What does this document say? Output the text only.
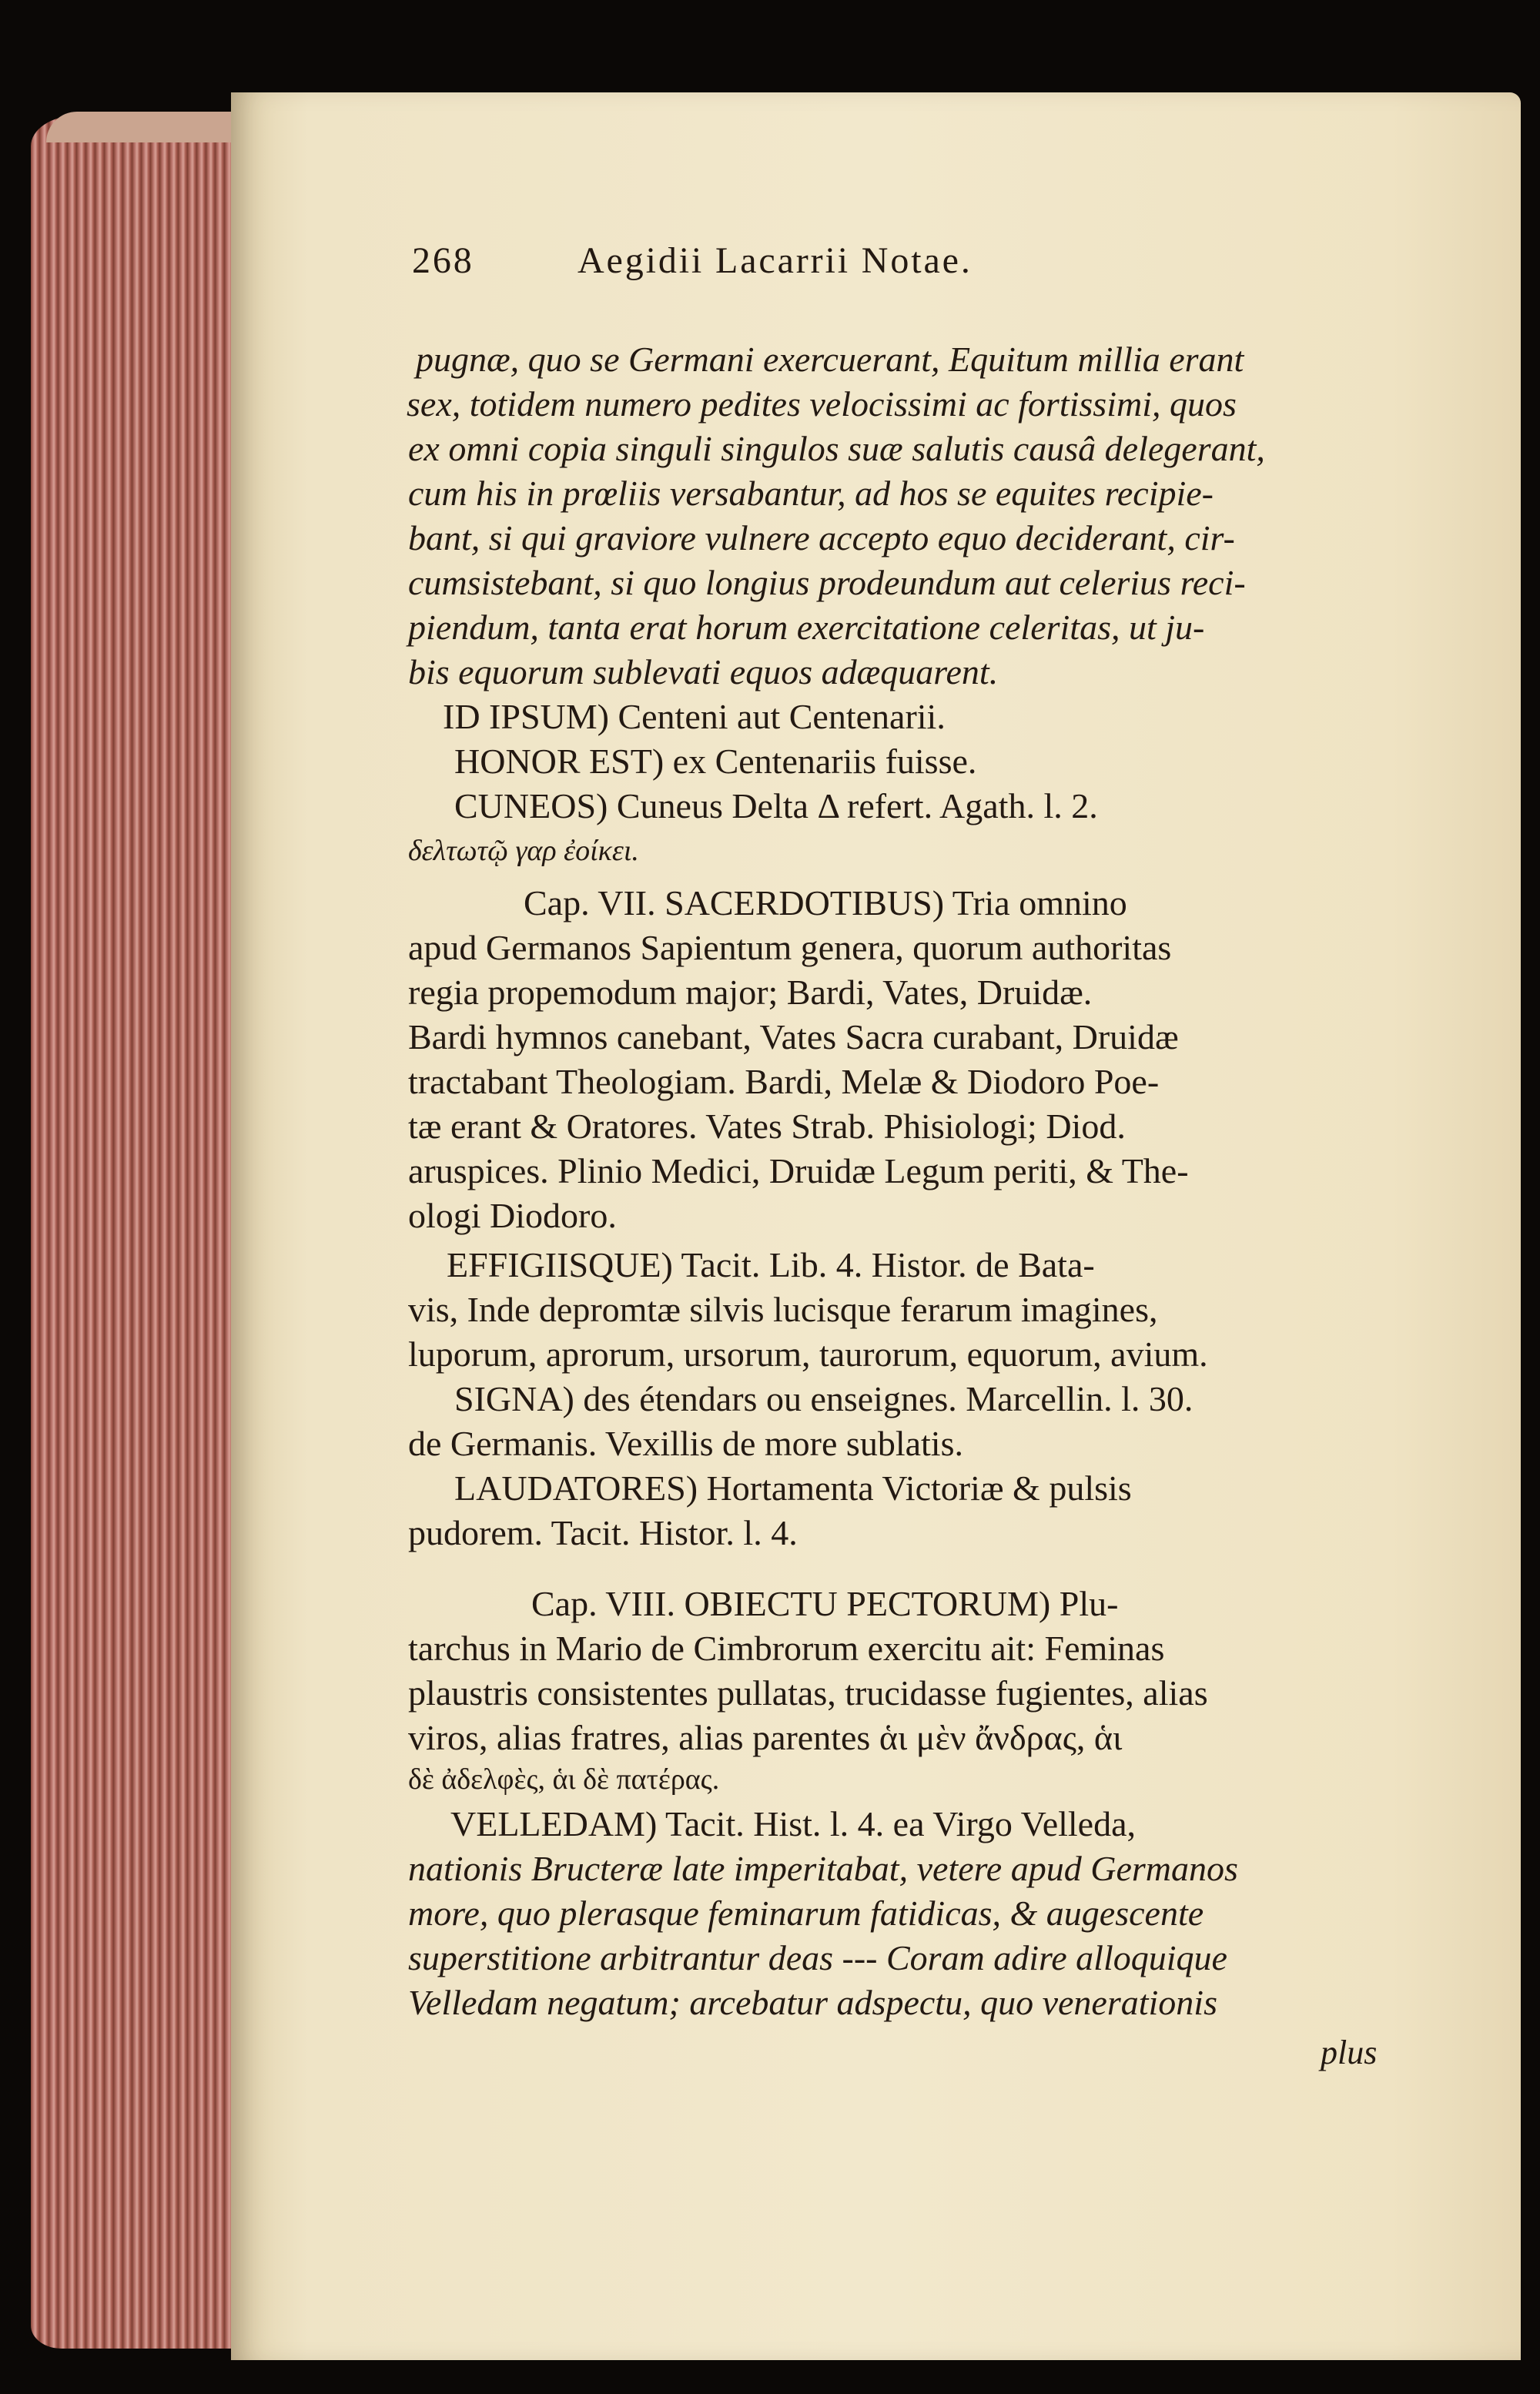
268	Aegidii Lacarrii Notae.
pugnæ, quo se Germani exercuerant, Equitum millia erant
sex, totidem numero pedites velocissimi ac fortissimi, quos
ex omni copia singuli singulos suæ salutis causâ delegerant,
cum his in prœliis versabantur, ad hos se equites recipie-
bant, si qui graviore vulnere accepto equo deciderant, cir-
cumsistebant, si quo longius prodeundum aut celerius reci-
piendum, tanta erat horum exercitatione celeritas, ut ju-
bis equorum sublevati equos adæquarent.
ID IPSUM) Centeni aut Centenarii.
HONOR EST) ex Centenariis fuisse.
CUNEOS) Cuneus Delta Δ refert. Agath. l. 2.
δελτωτῷ γαρ ἐοίκει.
Cap. VII. SACERDOTIBUS) Tria omnino
apud Germanos Sapientum genera, quorum authoritas
regia propemodum major; Bardi, Vates, Druidæ.
Bardi hymnos canebant, Vates Sacra curabant, Druidæ
tractabant Theologiam. Bardi, Melæ & Diodoro Poe-
tæ erant & Oratores. Vates Strab. Phisiologi; Diod.
aruspices. Plinio Medici, Druidæ Legum periti, & The-
ologi Diodoro.
EFFIGIISQUE) Tacit. Lib. 4. Histor. de Bata-
vis, Inde depromtæ silvis lucisque ferarum imagines,
luporum, aprorum, ursorum, taurorum, equorum, avium.
SIGNA) des étendars ou enseignes. Marcellin. l. 30.
de Germanis. Vexillis de more sublatis.
LAUDATORES) Hortamenta Victoriæ & pulsis
pudorem. Tacit. Histor. l. 4.
Cap. VIII. OBIECTU PECTORUM) Plu-
tarchus in Mario de Cimbrorum exercitu ait: Feminas
plaustris consistentes pullatas, trucidasse fugientes, alias
viros, alias fratres, alias parentes ἁι μὲν ἄνδρας, ἁι
δὲ ἀδελφὲς, ἁι δὲ πατέρας.
VELLEDAM) Tacit. Hist. l. 4. ea Virgo Velleda,
nationis Bructeræ late imperitabat, vetere apud Germanos
more, quo plerasque feminarum fatidicas, & augescente
superstitione arbitrantur deas --- Coram adire alloquique
Velledam negatum; arcebatur adspectu, quo venerationis
plus
